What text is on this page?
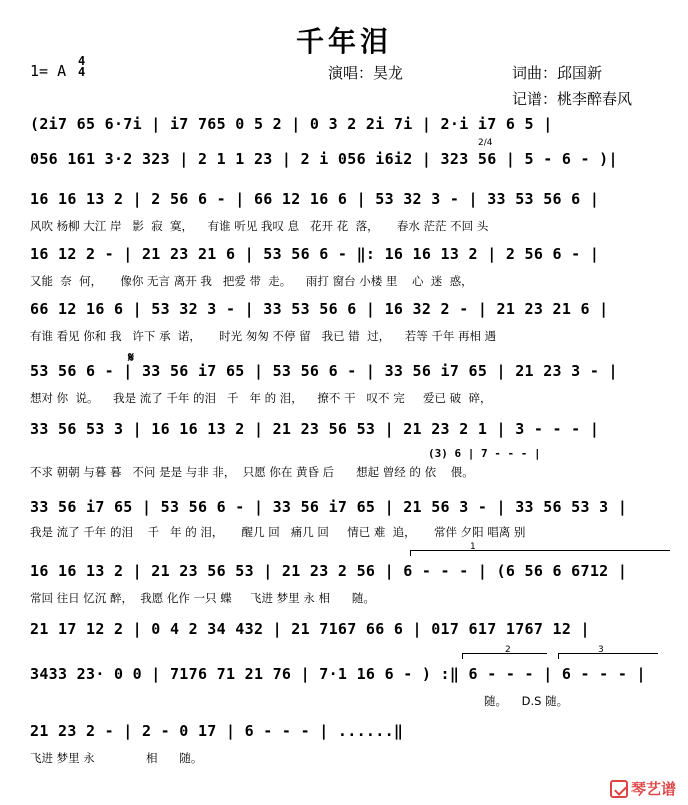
千年泪
1= A
4
4	演唱：昊龙	词曲：邱国新
记谱：桃李醉春风
(2i7 65 6·7i | i7 765 0 5 2 | 0 3 2 2i 7i | 2·i i7 6 5 |
056 161 3·2 323 | 2 1 1 23 | 2 i 056 i6i2 | 323 56 | 5 - 6 - )|
2/4
16 16 13 2 | 2 56 6 - | 66 12 16 6 | 53 32 3 - | 33 53 56 6 |
风吹 杨柳 大江 岸   影  寂  寞，    有谁 听见 我叹 息   花开 花  落，     春水 茫茫 不回 头
16 12 2 - | 21 23 21 6 | 53 56 6 - ‖: 16 16 13 2 | 2 56 6 - |
又能  奈  何，     像你 无言 离开 我   把爱 带  走。    雨打 窗台 小楼 里    心  迷  惑，
66 12 16 6 | 53 32 3 - | 33 53 56 6 | 16 32 2 - | 21 23 21 6 |
有谁 看见 你和 我   许下 承  诺，     时光 匆匆 不停 留   我已 错  过，    若等 千年 再相 遇
𝄋
53 56 6 - | 33 56 i7 65 | 53 56 6 - | 33 56 i7 65 | 21 23 3 - |
想对 你  说。    我是 流了 千年 的泪   千   年 的 泪，    撩不 干   叹不 完     爱已 破  碎，
33 56 53 3 | 16 16 13 2 | 21 23 56 53 | 21 23 2 1 | 3 - - - |
(3) 6 | 7 - - - |
不求 朝朝 与暮 暮   不问 是是 与非 非，  只愿 你在 黄昏 后      想起 曾经 的 依    偎。
33 56 i7 65 | 53 56 6 - | 33 56 i7 65 | 21 56 3 - | 33 56 53 3 |
我是 流了 千年 的泪    千   年 的 泪，     醒几 回   痛几 回     情已 难  追，     常伴 夕阳 唱离 别
1
16 16 13 2 | 21 23 56 53 | 21 23 2 56 | 6 - - - | (6 56 6 6712 |
常回 往日 忆沉 醉，  我愿 化作 一只 蝶     飞进 梦里 永 相      随。
21 17 12 2 | 0 4 2 34 432 | 21 7167 66 6 | 017 617 1767 12 |
2	3
3433 23· 0 0 | 7176 71 21 76 | 7·1 16 6 - ) :‖ 6 - - - | 6 - - - |
随。    D.S 随。
21 23 2 - | 2 - 0 17 | 6 - - - | ......‖
飞进 梦里 永              相      随。
琴艺谱
